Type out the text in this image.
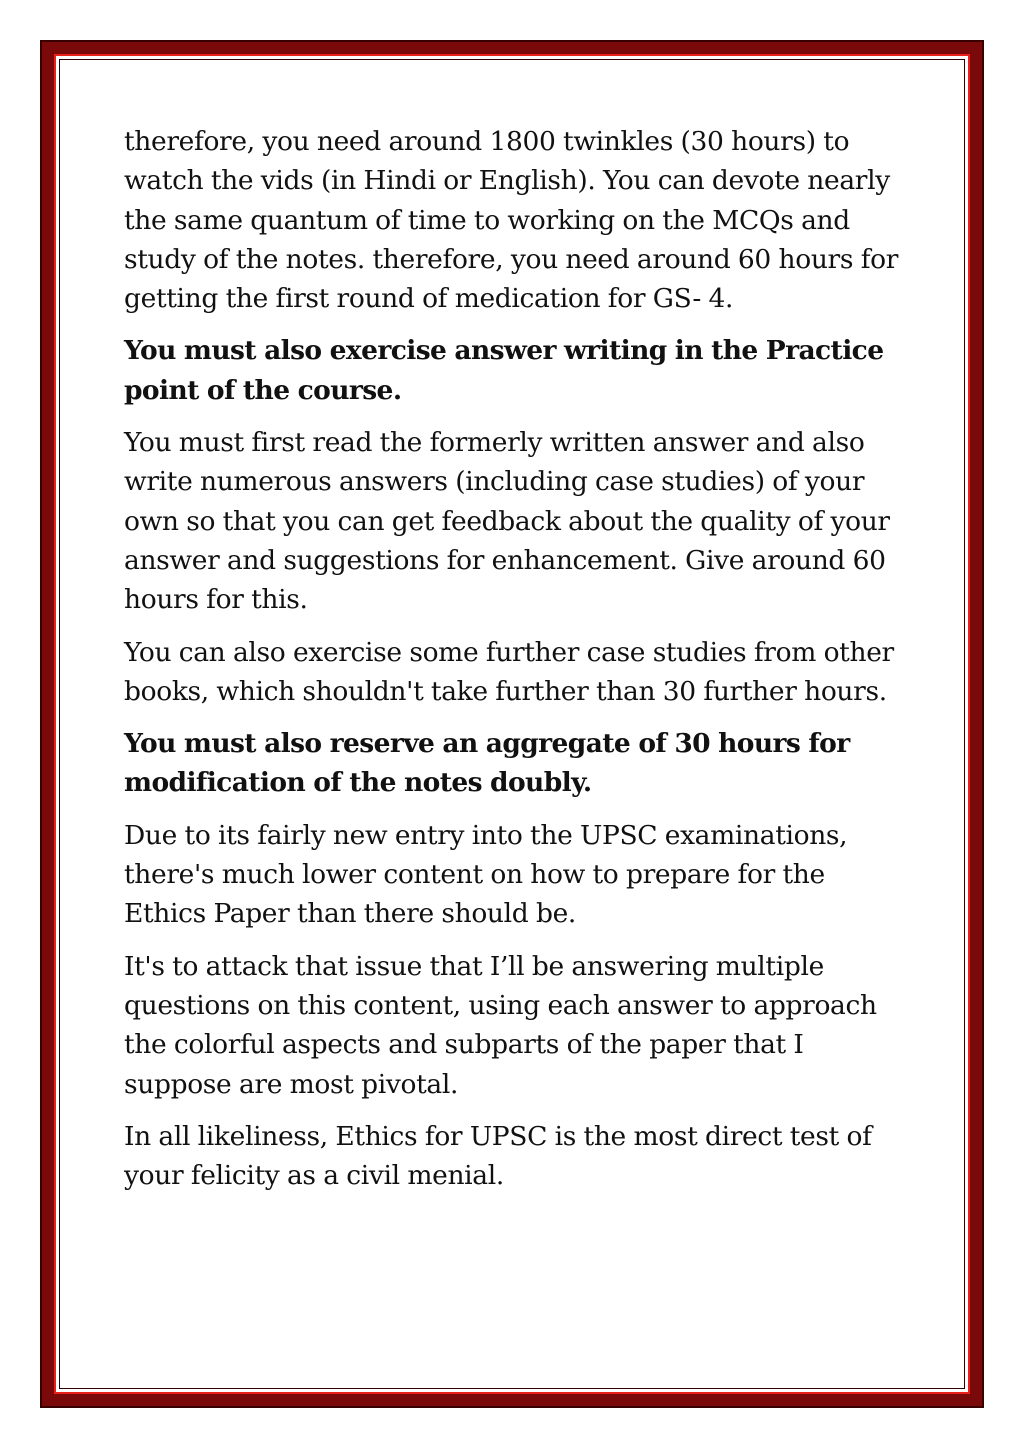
therefore, you need around 1800 twinkles (30 hours) to watch the vids (in Hindi or English). You can devote nearly the same quantum of time to working on the MCQs and study of the notes. therefore, you need around 60 hours for getting the first round of medication for GS- 4.

You must also exercise answer writing in the Practice point of the course.

You must first read the formerly written answer and also write numerous answers (including case studies) of your own so that you can get feedback about the quality of your answer and suggestions for enhancement. Give around 60 hours for this.

You can also exercise some further case studies from other books, which shouldn't take further than 30 further hours.

You must also reserve an aggregate of 30 hours for modification of the notes doubly.

Due to its fairly new entry into the UPSC examinations, there's much lower content on how to prepare for the Ethics Paper than there should be.

It's to attack that issue that I’ll be answering multiple questions on this content, using each answer to approach the colorful aspects and subparts of the paper that I suppose are most pivotal.

In all likeliness, Ethics for UPSC is the most direct test of your felicity as a civil menial.
